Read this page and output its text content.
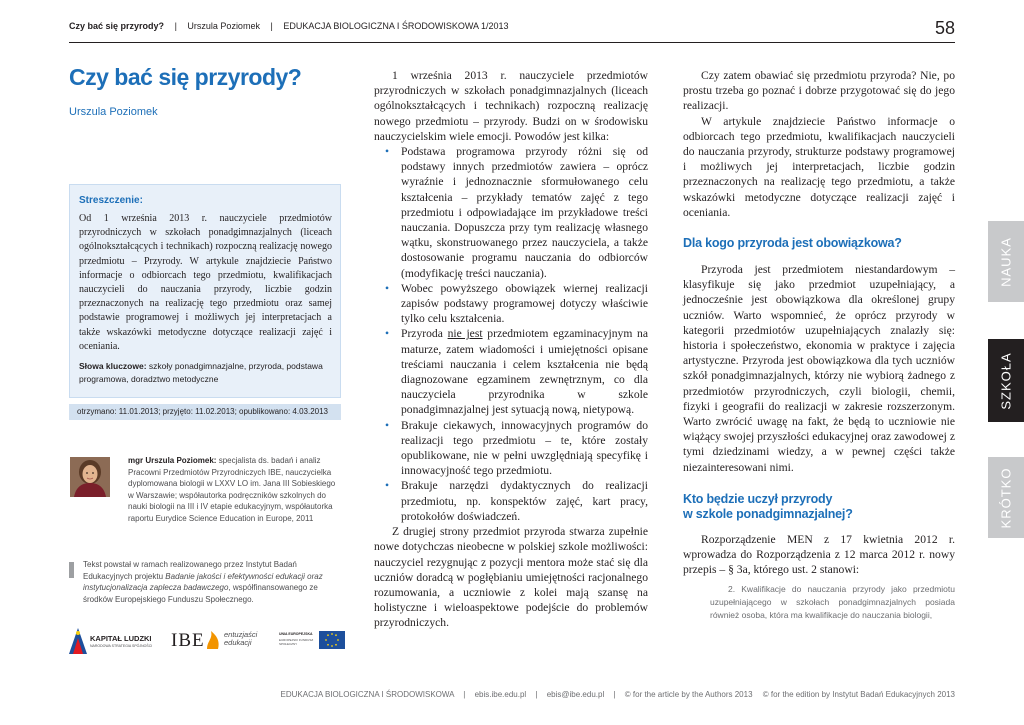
Czy bać się przyrody? | Urszula Poziomek | EDUKACJA BIOLOGICZNA I ŚRODOWISKOWA 1/2013	58
Czy bać się przyrody?
Urszula Poziomek
Streszczenie:
Od 1 września 2013 r. nauczyciele przedmiotów przyrodniczych w szkołach ponadgimnazjalnych (liceach ogólnokształcących i technikach) rozpoczną realizację nowego przedmiotu – Przyrody. W artykule znajdziecie Państwo informacje o odbiorcach tego przedmiotu, kwalifikacjach nauczycieli do nauczania przyrody, liczbie godzin przeznaczonych na realizację tego przedmiotu oraz samej podstawie programowej i możliwych jej interpretacjach a także wskazówki metodyczne dotyczące realizacji zajęć i oceniania.
Słowa kluczowe: szkoły ponadgimnazjalne, przyroda, podstawa programowa, doradztwo metodyczne
otrzymano: 11.01.2013; przyjęto: 11.02.2013; opublikowano: 4.03.2013
mgr Urszula Poziomek: specjalista ds. badań i analiz Pracowni Przedmiotów Przyrodniczych IBE, nauczycielka dyplomowana biologii w LXXV LO im. Jana III Sobieskiego w Warszawie; współautorka podręczników szkolnych do nauki biologii na III i IV etapie edukacyjnym, współautorka raportu Eurydice Science Education in Europe, 2011
Tekst powstał w ramach realizowanego przez Instytut Badań Edukacyjnych projektu Badanie jakości i efektywności edukacji oraz instytucjonalizacja zaplecza badawczego, współfinansowanego ze środków Europejskiego Funduszu Społecznego.
KAPITAŁ LUDZKI
NARODOWA STRATEGIA SPÓJNOŚCI IBE	entuzjaści edukacji
UNIA EUROPEJSKA
EUROPEJSKI FUNDUSZ SPOŁECZNY

1 września 2013 r. nauczyciele przedmiotów przyrodniczych w szkołach ponadgimnazjalnych (liceach ogólnokształcących i technikach) rozpoczną realizację nowego przedmiotu – przyrody. Budzi on w środowisku nauczycielskim wiele emocji. Powodów jest kilka:

• Podstawa programowa przyrody różni się od podstawy innych przedmiotów zawiera – oprócz wyraźnie i jednoznacznie sformułowanego celu kształcenia – przykłady tematów zajęć z tego przedmiotu i odpowiadające im przykładowe treści nauczania. Dopuszcza przy tym realizację własnego wątku, skonstruowanego przez nauczyciela, a także dostosowanie programu nauczania do odbiorców (modyfikację treści nauczania).
• Wobec powyższego obowiązek wiernej realizacji zapisów podstawy programowej dotyczy właściwie tylko celu kształcenia.
• Przyroda nie jest przedmiotem egzaminacyjnym na maturze, zatem wiadomości i umiejętności opisane treściami nauczania i celem kształcenia nie będą diagnozowane egzaminem zewnętrznym, co dla nauczyciela przyrodnika w szkole ponadgimnazjalnej jest sytuacją nową, nietypową.
• Brakuje ciekawych, innowacyjnych programów do realizacji tego przedmiotu – te, które zostały opublikowane, nie w pełni uwzględniają specyfikę i innowacyjność tego przedmiotu.
• Brakuje narzędzi dydaktycznych do realizacji przedmiotu, np. konspektów zajęć, kart pracy, protokołów doświadczeń.

Z drugiej strony przedmiot przyroda stwarza zupełnie nowe dotychczas nieobecne w polskiej szkole możliwości: nauczyciel rezygnując z pozycji mentora może stać się dla uczniów doradcą w pogłębianiu umiejętności racjonalnego rozumowania, a uczniowie z kolei mają szansę na holistyczne i wieloaspektowe podejście do problemów przyrodniczych.

Czy zatem obawiać się przedmiotu przyroda? Nie, po prostu trzeba go poznać i dobrze przygotować się do jego realizacji.

W artykule znajdziecie Państwo informacje o odbiorcach tego przedmiotu, kwalifikacjach nauczycieli do nauczania przyrody, strukturze podstawy programowej i możliwych jej interpretacjach, liczbie godzin przeznaczonych na realizację tego przedmiotu, a także wskazówki metodyczne dotyczące realizacji zajęć i oceniania.

Dla kogo przyroda jest obowiązkowa?

Przyroda jest przedmiotem niestandardowym – klasyfikuje się jako przedmiot uzupełniający, a jednocześnie jest obowiązkowa dla określonej grupy uczniów. Warto wspomnieć, że oprócz przyrody w kategorii przedmiotów uzupełniających znalazły się: historia i społeczeństwo, ekonomia w praktyce i zajęcia artystyczne. Przyroda jest obowiązkowa dla tych uczniów szkół ponadgimnazjalnych, którzy nie wybiorą żadnego z przedmiotów przyrodniczych, czyli biologii, chemii, fizyki i geografii do realizacji w zakresie rozszerzonym. Warto zwrócić uwagę na fakt, że będą to uczniowie nie wiążący swojej przyszłości edukacyjnej oraz zawodowej z tymi dziedzinami wiedzy, a w pewnej części także niezainteresowani nimi.

Kto będzie uczył przyrody
w szkole ponadgimnazjalnej?

Rozporządzenie MEN z 17 kwietnia 2012 r. wprowadza do Rozporządzenia z 12 marca 2012 r. nowy przepis – § 3a, którego ust. 2 stanowi:

2. Kwalifikacje do nauczania przyrody jako przedmiotu uzupełniającego w szkołach ponadgimnazjalnych posiada również osoba, która ma kwalifikacje do nauczania biologii,

NAUKA
SZKOŁA
KRÓTKO
EDUKACJA BIOLOGICZNA I ŚRODOWISKOWA | ebis.ibe.edu.pl | ebis@ibe.edu.pl | © for the article by the Authors 2013 © for the edition by Instytut Badań Edukacyjnych 2013
